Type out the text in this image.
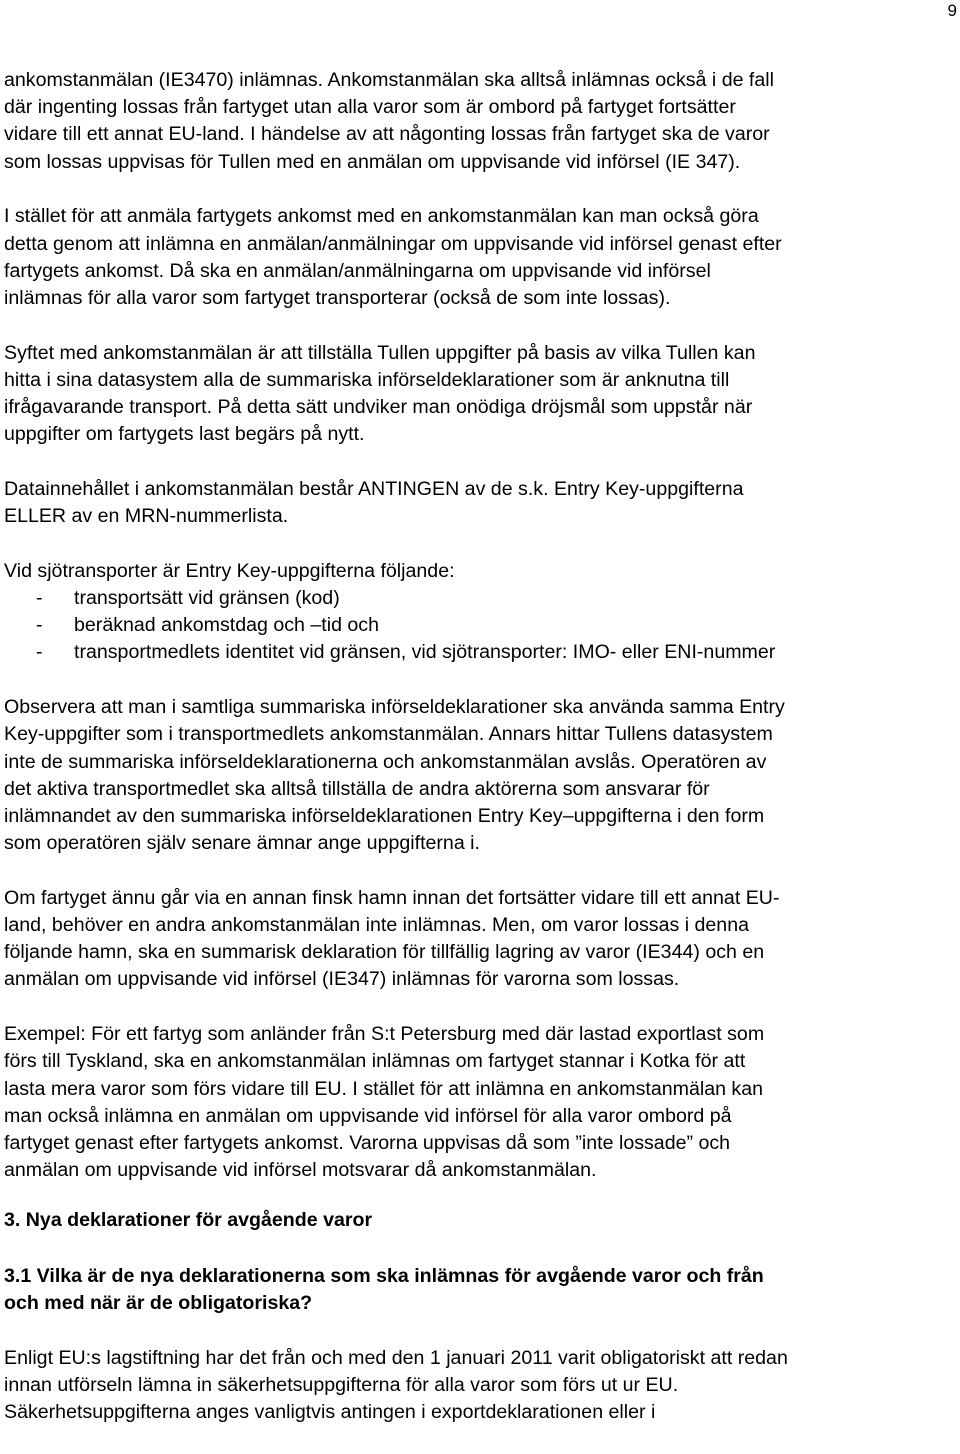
9

ankomstanmälan (IE3470) inlämnas. Ankomstanmälan ska alltså inlämnas också i de fall
där ingenting lossas från fartyget utan alla varor som är ombord på fartyget fortsätter
vidare till ett annat EU-land. I händelse av att någonting lossas från fartyget ska de varor
som lossas uppvisas för Tullen med en anmälan om uppvisande vid införsel (IE 347).

I stället för att anmäla fartygets ankomst med en ankomstanmälan kan man också göra
detta genom att inlämna en anmälan/anmälningar om uppvisande vid införsel genast efter
fartygets ankomst. Då ska en anmälan/anmälningarna om uppvisande vid införsel
inlämnas för alla varor som fartyget transporterar (också de som inte lossas).

Syftet med ankomstanmälan är att tillställa Tullen uppgifter på basis av vilka Tullen kan
hitta i sina datasystem alla de summariska införseldeklarationer som är anknutna till
ifrågavarande transport. På detta sätt undviker man onödiga dröjsmål som uppstår när
uppgifter om fartygets last begärs på nytt.

Datainnehållet i ankomstanmälan består ANTINGEN av de s.k. Entry Key-uppgifterna
ELLER av en MRN-nummerlista.

Vid sjötransporter är Entry Key-uppgifterna följande:

- transportsätt vid gränsen (kod)
- beräknad ankomstdag och –tid och
- transportmedlets identitet vid gränsen, vid sjötransporter: IMO- eller ENI-nummer

Observera att man i samtliga summariska införseldeklarationer ska använda samma Entry
Key-uppgifter som i transportmedlets ankomstanmälan. Annars hittar Tullens datasystem
inte de summariska införseldeklarationerna och ankomstanmälan avslås. Operatören av
det aktiva transportmedlet ska alltså tillställa de andra aktörerna som ansvarar för
inlämnandet av den summariska införseldeklarationen Entry Key–uppgifterna i den form
som operatören själv senare ämnar ange uppgifterna i.

Om fartyget ännu går via en annan finsk hamn innan det fortsätter vidare till ett annat EU-
land, behöver en andra ankomstanmälan inte inlämnas. Men, om varor lossas i denna
följande hamn, ska en summarisk deklaration för tillfällig lagring av varor (IE344) och en
anmälan om uppvisande vid införsel (IE347) inlämnas för varorna som lossas.

Exempel: För ett fartyg som anländer från S:t Petersburg med där lastad exportlast som
förs till Tyskland, ska en ankomstanmälan inlämnas om fartyget stannar i Kotka för att
lasta mera varor som förs vidare till EU. I stället för att inlämna en ankomstanmälan kan
man också inlämna en anmälan om uppvisande vid införsel för alla varor ombord på
fartyget genast efter fartygets ankomst. Varorna uppvisas då som ”inte lossade” och
anmälan om uppvisande vid införsel motsvarar då ankomstanmälan.

3. Nya deklarationer för avgående varor
3.1 Vilka är de nya deklarationerna som ska inlämnas för avgående varor och från
och med när är de obligatoriska?

Enligt EU:s lagstiftning har det från och med den 1 januari 2011 varit obligatoriskt att redan
innan utförseln lämna in säkerhetsuppgifterna för alla varor som förs ut ur EU.
Säkerhetsuppgifterna anges vanligtvis antingen i exportdeklarationen eller i
